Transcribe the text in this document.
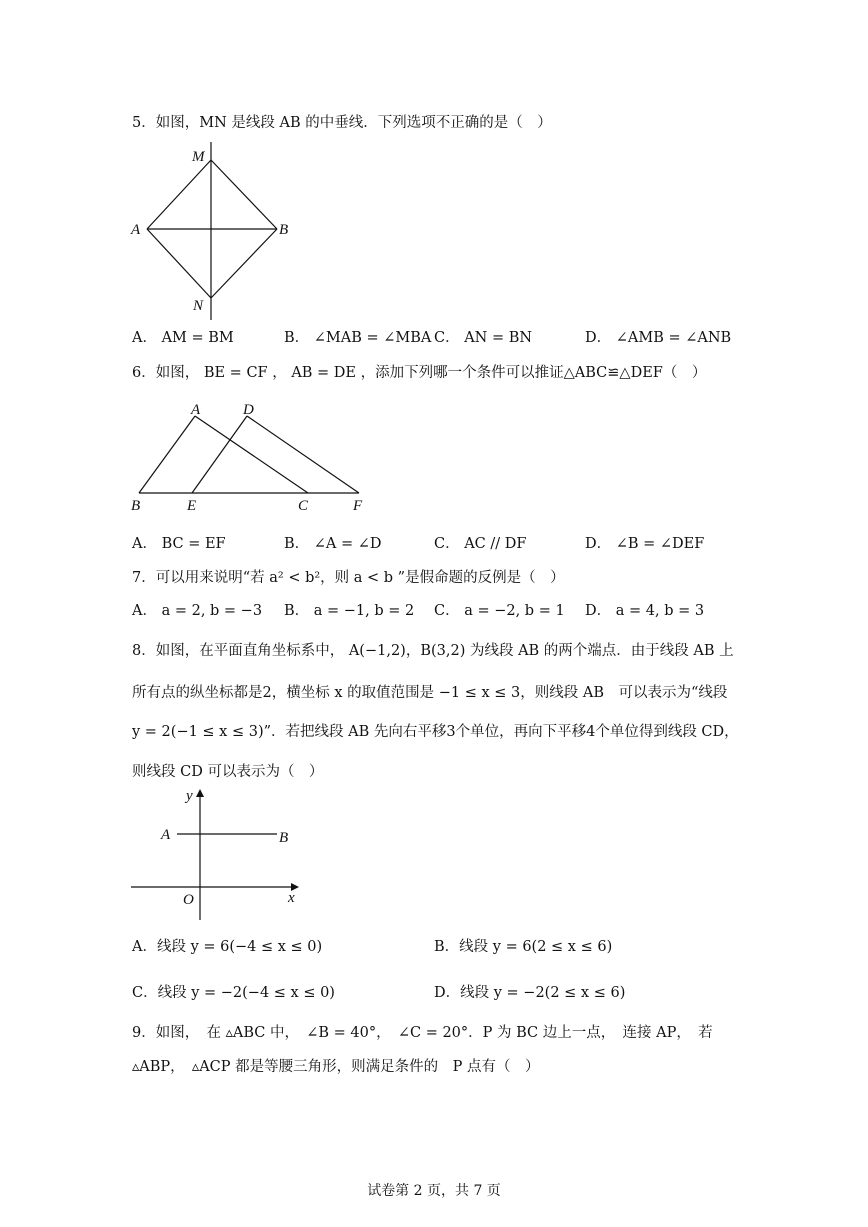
5．如图，MN 是线段 AB 的中垂线．下列选项不正确的是（　）
M
A	B
N
A． AM = BM	B． ∠MAB = ∠MBA C． AN = BN	D． ∠AMB = ∠ANB
6．如图， BE = CF ， AB = DE ，添加下列哪一个条件可以推证△ABC≌△DEF（　）
A	D
B	E	C	F
A． BC = EF	B． ∠A = ∠D	C． AC // DF	D． ∠B = ∠DEF
7．可以用来说明“若 a² < b²，则 a < b ”是假命题的反例是（　）
A． a = 2, b = −3 B． a = −1, b = 2 C． a = −2, b = 1 D． a = 4, b = 3
8．如图，在平面直角坐标系中， A(−1,2)，B(3,2) 为线段 AB 的两个端点．由于线段 AB 上
所有点的纵坐标都是2，横坐标 x 的取值范围是 −1 ≤ x ≤ 3，则线段 AB　可以表示为“线段
y = 2(−1 ≤ x ≤ 3)”．若把线段 AB 先向右平移3个单位，再向下平移4个单位得到线段 CD，
则线段 CD 可以表示为（　）
y
x
O
A	B
A．线段 y = 6(−4 ≤ x ≤ 0)	B．线段 y = 6(2 ≤ x ≤ 6)
C．线段 y = −2(−4 ≤ x ≤ 0)	D．线段 y = −2(2 ≤ x ≤ 6)
9．如图，　在 ▵ABC 中，　∠B = 40°，　∠C = 20°．P 为 BC 边上一点，　连接 AP，　若
▵ABP，　▵ACP 都是等腰三角形，则满足条件的　P 点有（　）
试卷第 2 页，共 7 页
